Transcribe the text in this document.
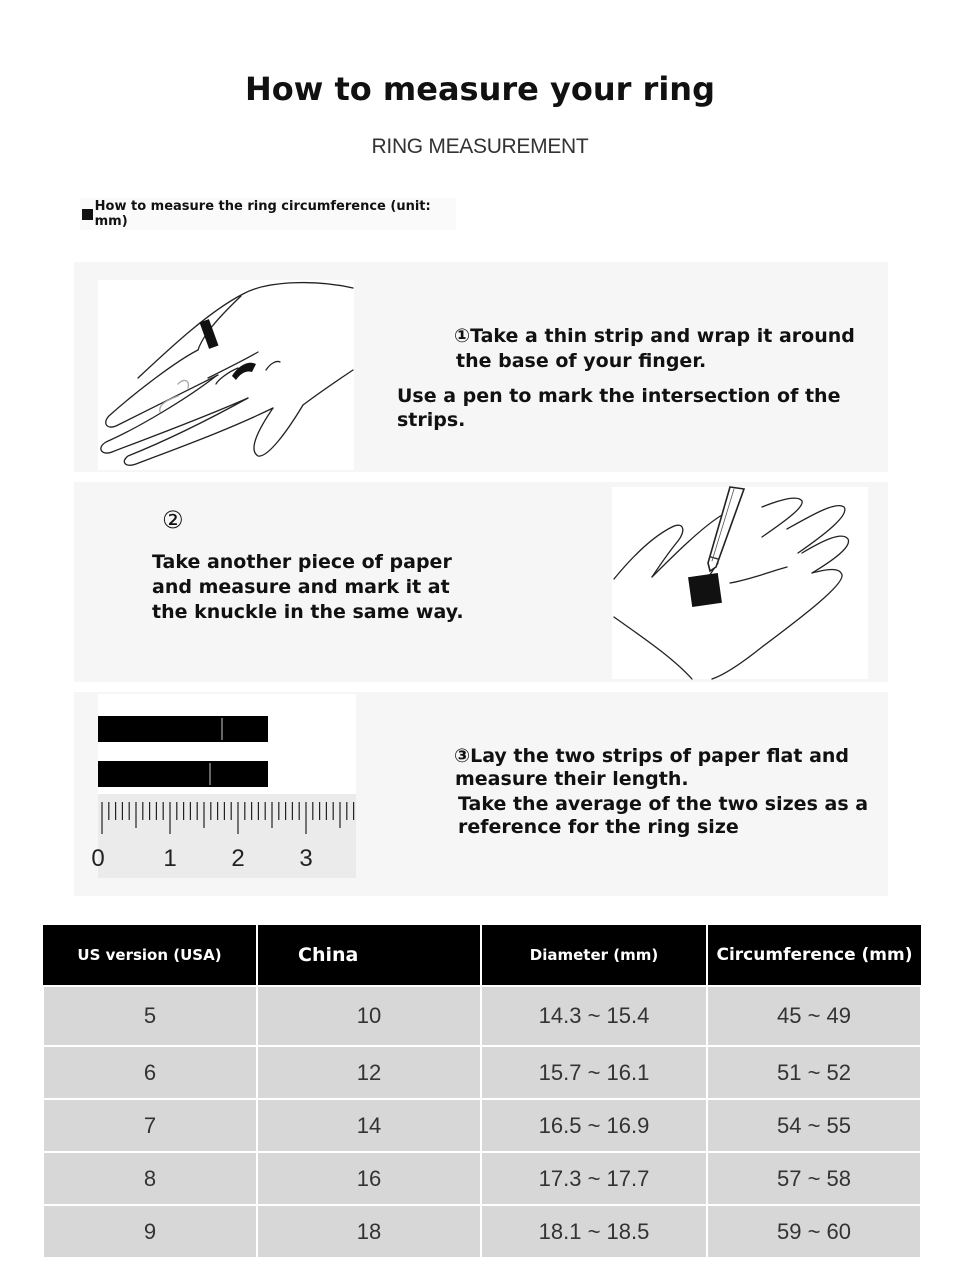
How to measure your ring
RING MEASUREMENT
How to measure the ring circumference (unit: mm)
①Take a thin strip and wrap it around
the base of your finger.
Use a pen to mark the intersection of the strips.
②
Take another piece of paper
and measure and mark it at
the knuckle in the same way.
0 1 2 3
③Lay the two strips of paper flat and
measure their length.
Take the average of the two sizes as a
reference for the ring size
US version (USA)	China	Diameter (mm)	Circumference (mm)
5	10	14.3 ~ 15.4	45 ~ 49
6	12	15.7 ~ 16.1	51 ~ 52
7	14	16.5 ~ 16.9	54 ~ 55
8	16	17.3 ~ 17.7	57 ~ 58
9	18	18.1 ~ 18.5	59 ~ 60
